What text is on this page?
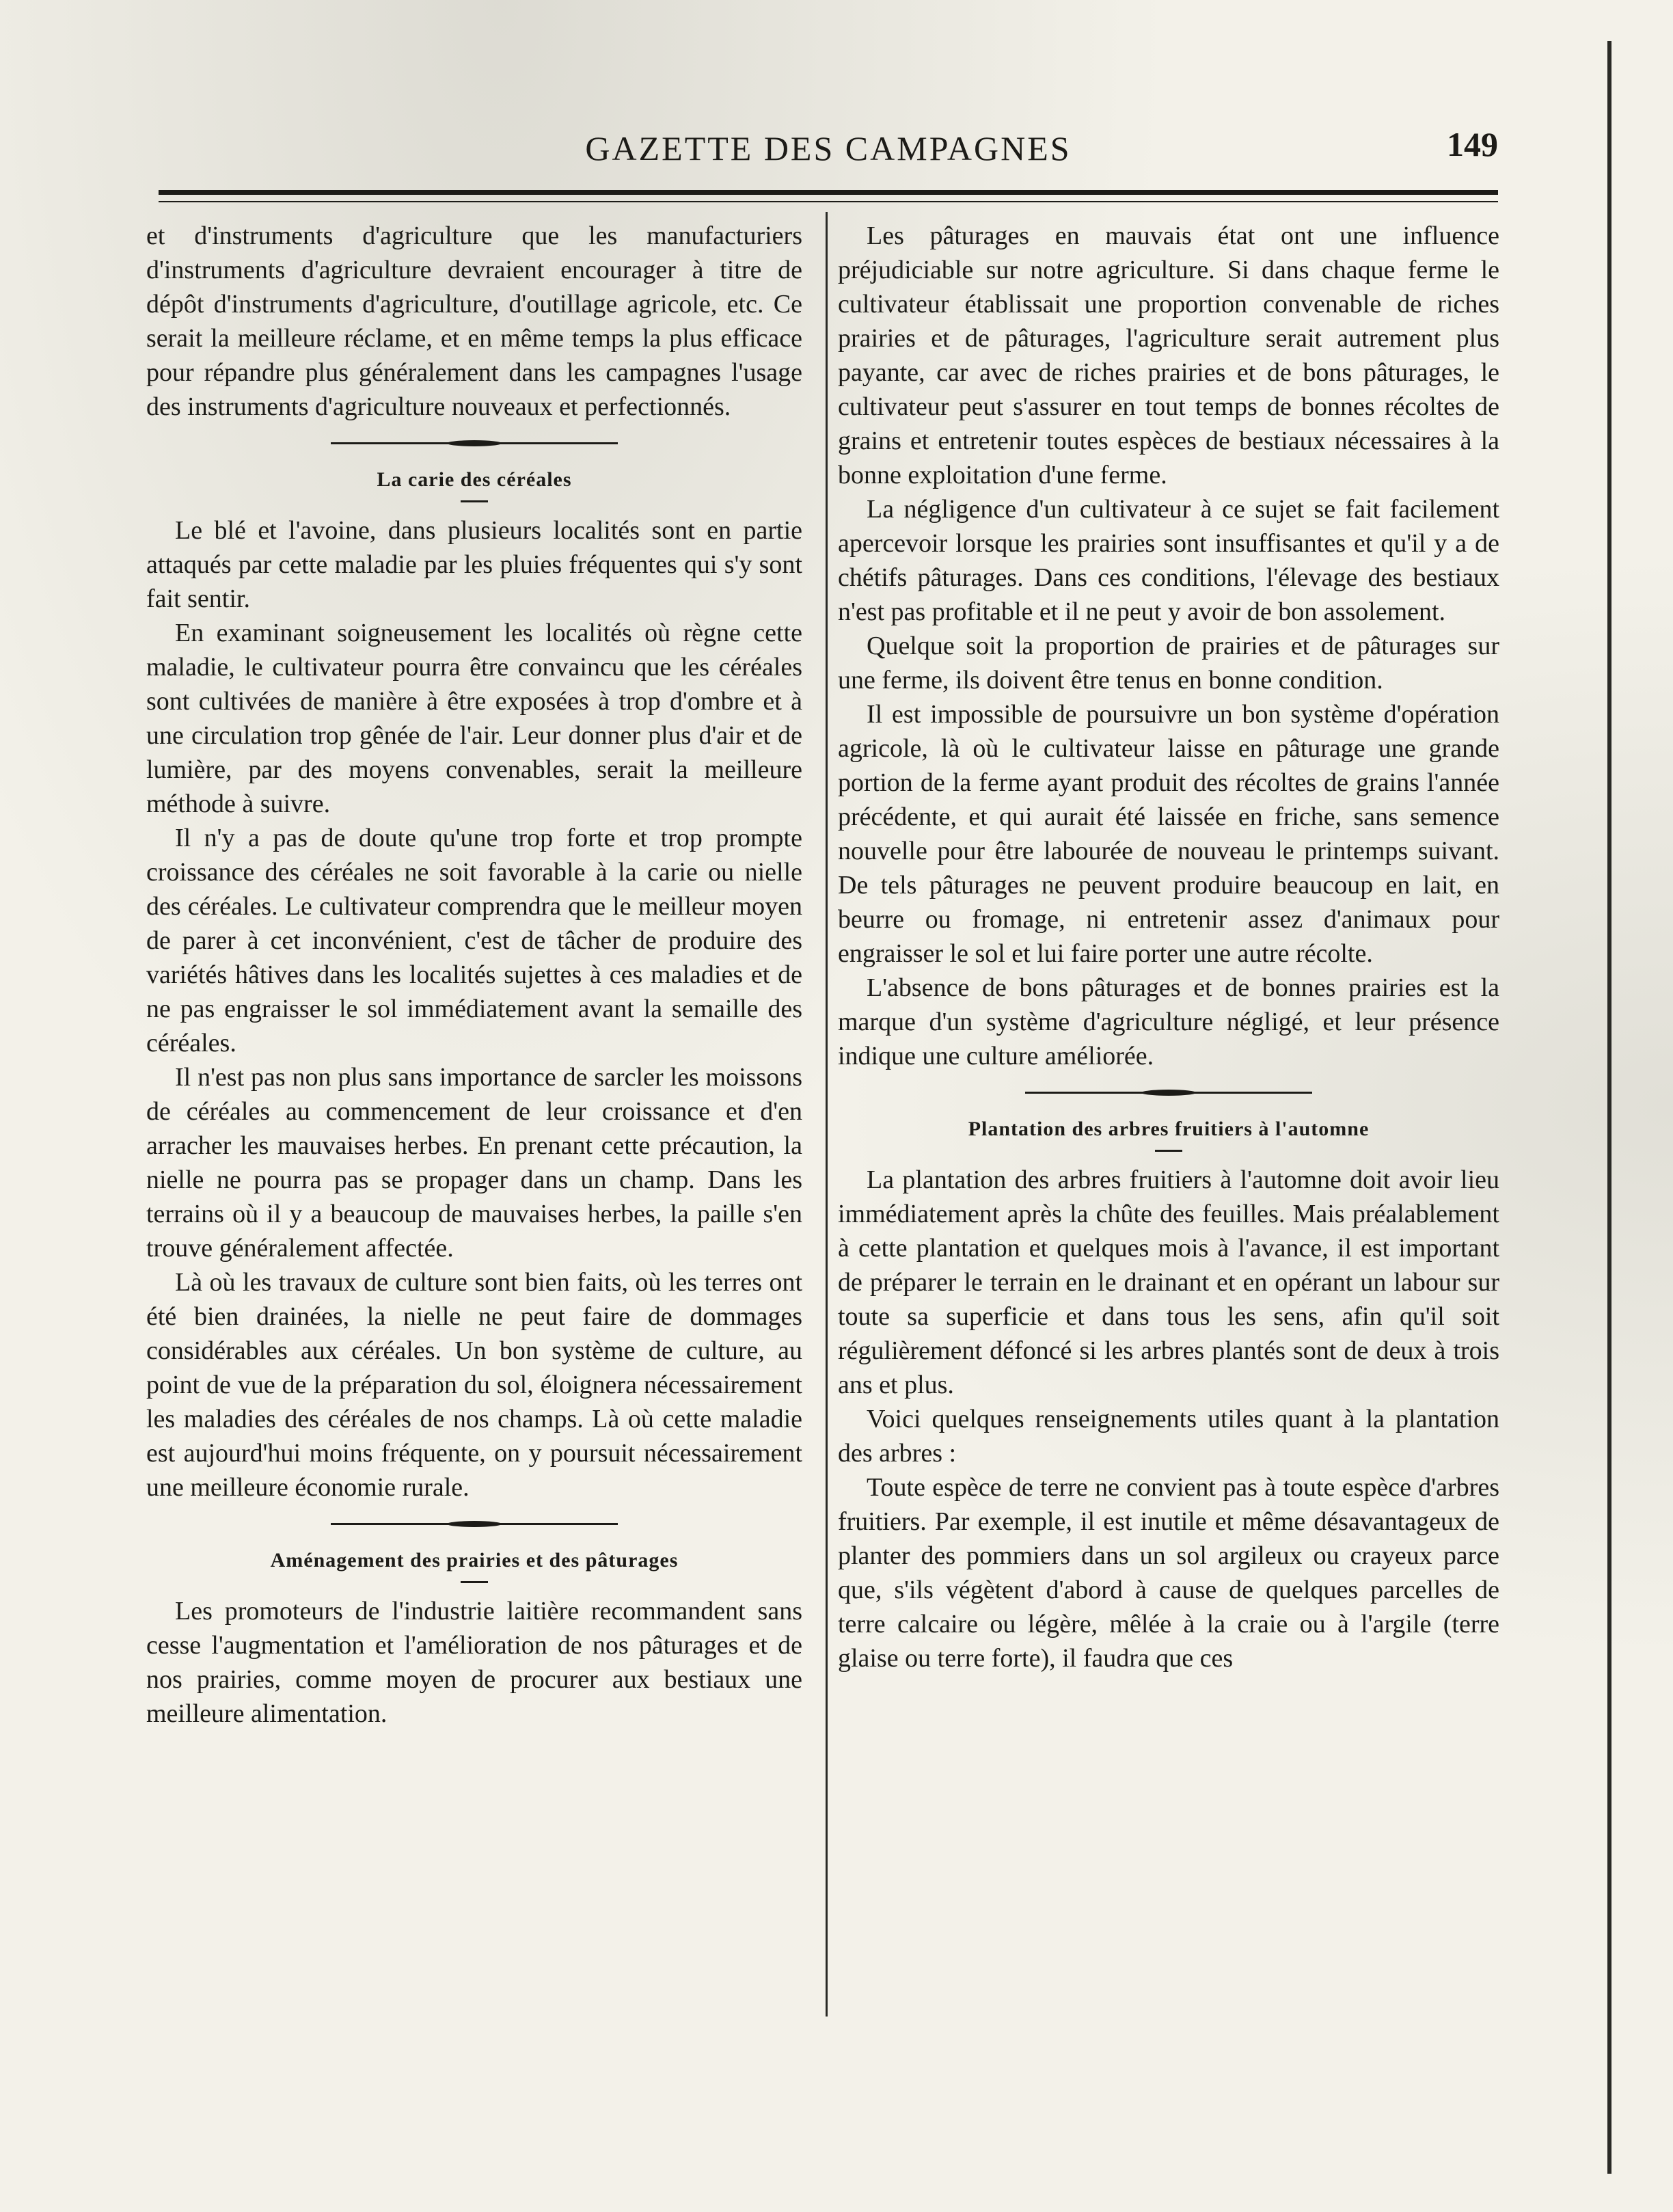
GAZETTE DES CAMPAGNES	149

et d'instruments d'agriculture que les manufacturiers d'instruments d'agriculture devraient encourager à titre de dépôt d'instruments d'agriculture, d'outillage agricole, etc. Ce serait la meilleure réclame, et en même temps la plus efficace pour répandre plus généralement dans les campagnes l'usage des instruments d'agriculture nouveaux et perfectionnés.

La carie des céréales

Le blé et l'avoine, dans plusieurs localités sont en partie attaqués par cette maladie par les pluies fréquentes qui s'y sont fait sentir.

En examinant soigneusement les localités où règne cette maladie, le cultivateur pourra être convaincu que les céréales sont cultivées de manière à être exposées à trop d'ombre et à une circulation trop gênée de l'air. Leur donner plus d'air et de lumière, par des moyens convenables, serait la meilleure méthode à suivre.

Il n'y a pas de doute qu'une trop forte et trop prompte croissance des céréales ne soit favorable à la carie ou nielle des céréales. Le cultivateur comprendra que le meilleur moyen de parer à cet inconvénient, c'est de tâcher de produire des variétés hâtives dans les localités sujettes à ces maladies et de ne pas engraisser le sol immédiatement avant la semaille des céréales.

Il n'est pas non plus sans importance de sarcler les moissons de céréales au commencement de leur croissance et d'en arracher les mauvaises herbes. En prenant cette précaution, la nielle ne pourra pas se propager dans un champ. Dans les terrains où il y a beaucoup de mauvaises herbes, la paille s'en trouve généralement affectée.

Là où les travaux de culture sont bien faits, où les terres ont été bien drainées, la nielle ne peut faire de dommages considérables aux céréales. Un bon système de culture, au point de vue de la préparation du sol, éloignera nécessairement les maladies des céréales de nos champs. Là où cette maladie est aujourd'hui moins fréquente, on y poursuit nécessairement une meilleure économie rurale.

Aménagement des prairies et des pâturages

Les promoteurs de l'industrie laitière recommandent sans cesse l'augmentation et l'amélioration de nos pâturages et de nos prairies, comme moyen de procurer aux bestiaux une meilleure alimentation.

Les pâturages en mauvais état ont une influence préjudiciable sur notre agriculture. Si dans chaque ferme le cultivateur établissait une proportion convenable de riches prairies et de pâturages, l'agriculture serait autrement plus payante, car avec de riches prairies et de bons pâturages, le cultivateur peut s'assurer en tout temps de bonnes récoltes de grains et entretenir toutes espèces de bestiaux nécessaires à la bonne exploitation d'une ferme.

La négligence d'un cultivateur à ce sujet se fait facilement apercevoir lorsque les prairies sont insuffisantes et qu'il y a de chétifs pâturages. Dans ces conditions, l'élevage des bestiaux n'est pas profitable et il ne peut y avoir de bon assolement.

Quelque soit la proportion de prairies et de pâturages sur une ferme, ils doivent être tenus en bonne condition.

Il est impossible de poursuivre un bon système d'opération agricole, là où le cultivateur laisse en pâturage une grande portion de la ferme ayant produit des récoltes de grains l'année précédente, et qui aurait été laissée en friche, sans semence nouvelle pour être labourée de nouveau le printemps suivant. De tels pâturages ne peuvent produire beaucoup en lait, en beurre ou fromage, ni entretenir assez d'animaux pour engraisser le sol et lui faire porter une autre récolte.

L'absence de bons pâturages et de bonnes prairies est la marque d'un système d'agriculture négligé, et leur présence indique une culture améliorée.

Plantation des arbres fruitiers à l'automne

La plantation des arbres fruitiers à l'automne doit avoir lieu immédiatement après la chûte des feuilles. Mais préalablement à cette plantation et quelques mois à l'avance, il est important de préparer le terrain en le drainant et en opérant un labour sur toute sa superficie et dans tous les sens, afin qu'il soit régulièrement défoncé si les arbres plantés sont de deux à trois ans et plus.

Voici quelques renseignements utiles quant à la plantation des arbres :

Toute espèce de terre ne convient pas à toute espèce d'arbres fruitiers. Par exemple, il est inutile et même désavantageux de planter des pommiers dans un sol argileux ou crayeux parce que, s'ils végètent d'abord à cause de quelques parcelles de terre calcaire ou légère, mêlée à la craie ou à l'argile (terre glaise ou terre forte), il faudra que ces
